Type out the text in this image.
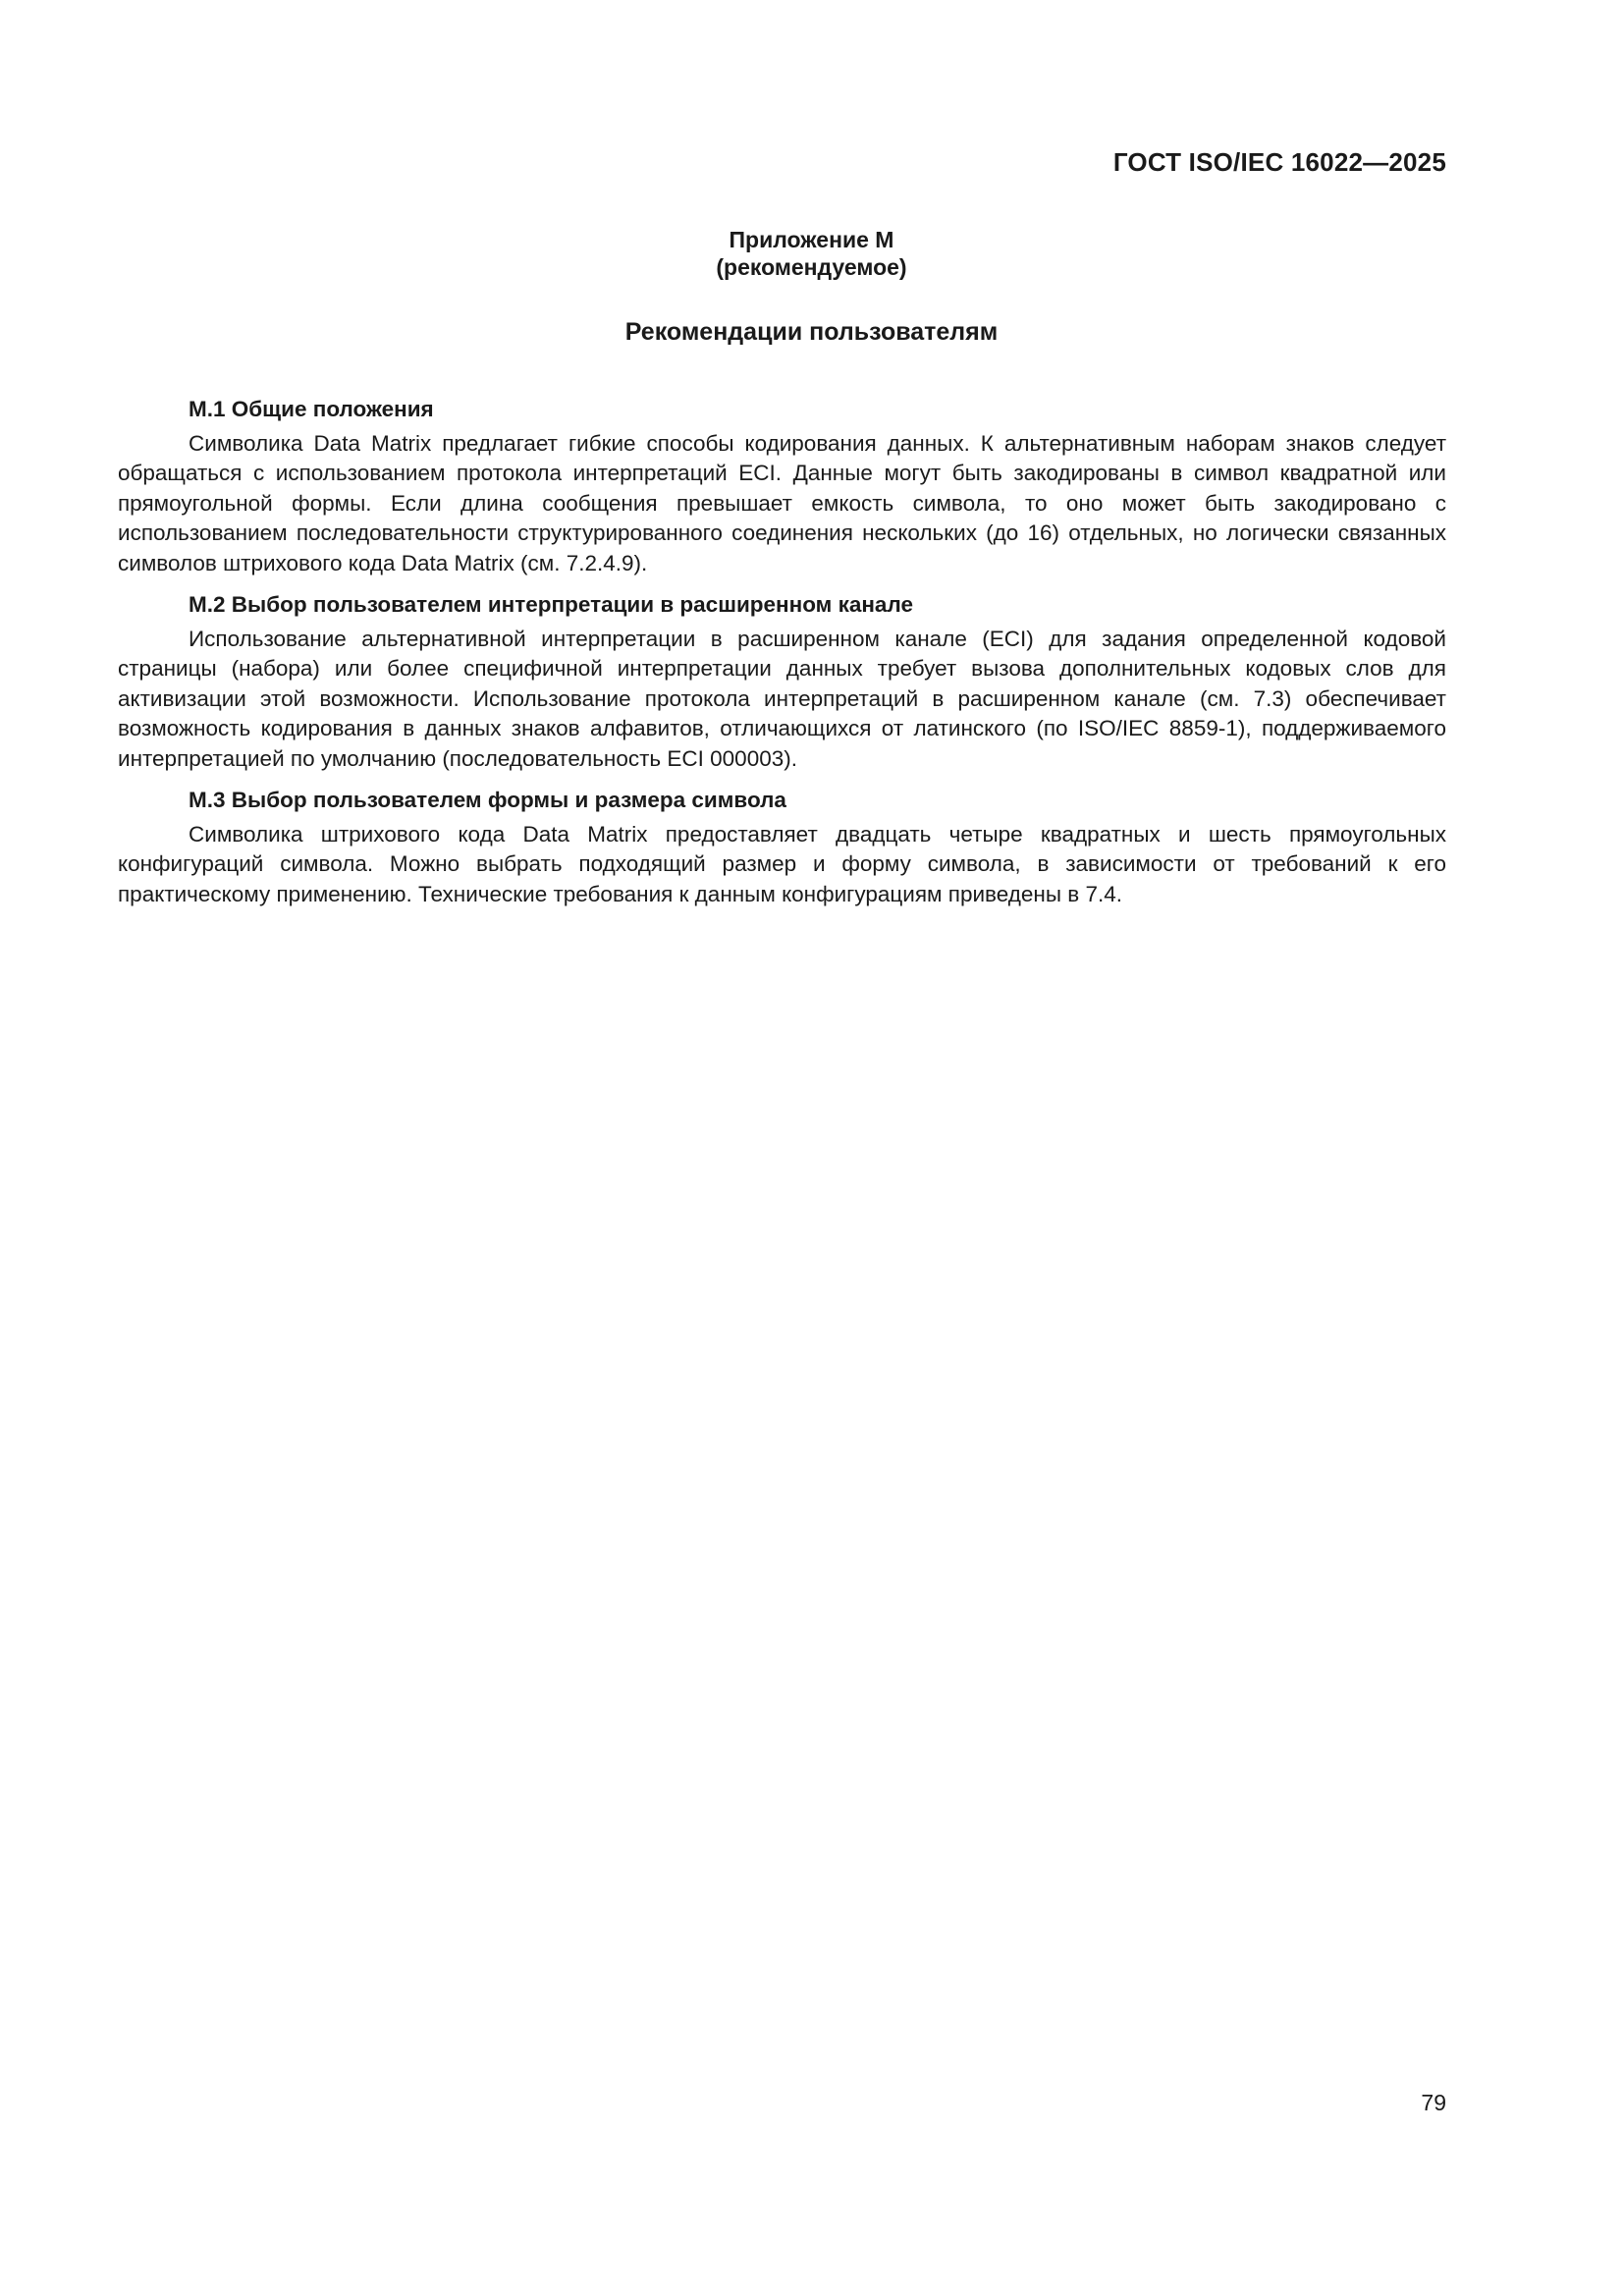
ГОСТ ISO/IEC 16022—2025
Приложение М
(рекомендуемое)
Рекомендации пользователям
М.1 Общие положения

Символика Data Matrix предлагает гибкие способы кодирования данных. К альтернативным наборам знаков следует обращаться с использованием протокола интерпретаций ECI. Данные могут быть закодированы в символ квадратной или прямоугольной формы. Если длина сообщения превышает емкость символа, то оно может быть закодировано с использованием последовательности структурированного соединения нескольких (до 16) отдельных, но логически связанных символов штрихового кода Data Matrix (см. 7.2.4.9).

М.2 Выбор пользователем интерпретации в расширенном канале

Использование альтернативной интерпретации в расширенном канале (ECI) для задания определенной кодовой страницы (набора) или более специфичной интерпретации данных требует вызова дополнительных кодовых слов для активизации этой возможности. Использование протокола интерпретаций в расширенном канале (см. 7.3) обеспечивает возможность кодирования в данных знаков алфавитов, отличающихся от латинского (по ISO/IEC 8859-1), поддерживаемого интерпретацией по умолчанию (последовательность ECI 000003).

М.3 Выбор пользователем формы и размера символа

Символика штрихового кода Data Matrix предоставляет двадцать четыре квадратных и шесть прямоугольных конфигураций символа. Можно выбрать подходящий размер и форму символа, в зависимости от требований к его практическому применению. Технические требования к данным конфигурациям приведены в 7.4.

79
